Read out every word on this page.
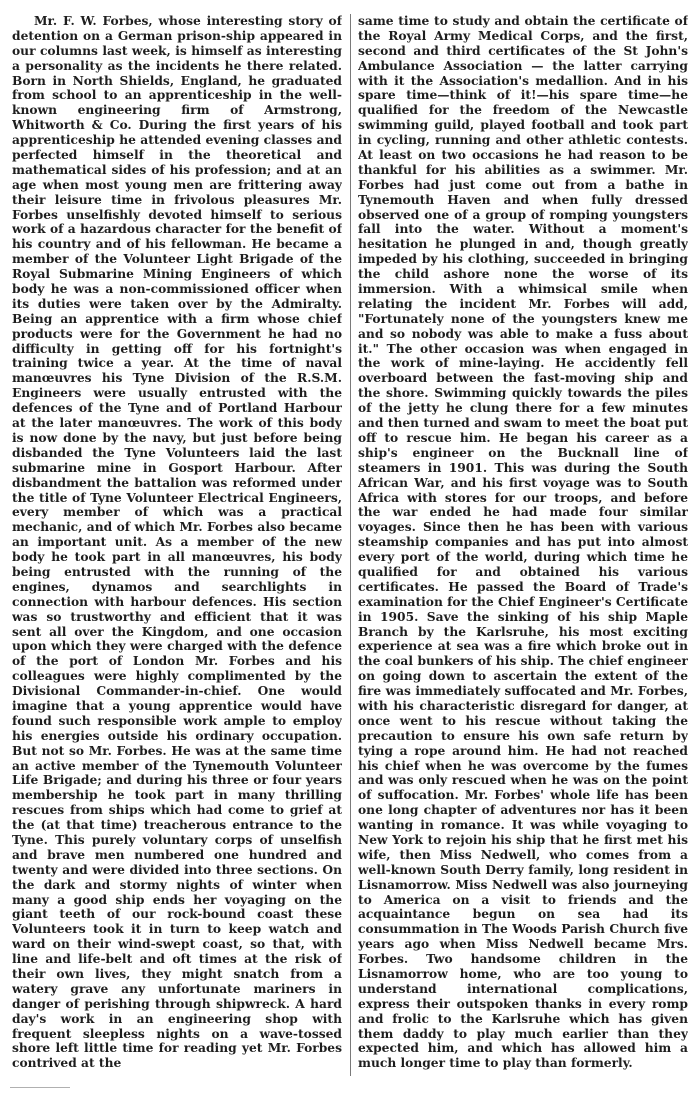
Mr. F. W. Forbes, whose interesting story of detention on a German prison-ship appeared in our columns last week, is himself as interesting a personality as the incidents he there related. Born in North Shields, England, he graduated from school to an apprenticeship in the well-known engineering firm of Armstrong, Whitworth & Co. During the first years of his apprenticeship he attended evening classes and perfected himself in the theoretical and mathematical sides of his profession; and at an age when most young men are frittering away their leisure time in frivolous pleasures Mr. Forbes unselfishly devoted himself to serious work of a hazardous character for the benefit of his country and of his fellowman. He became a member of the Volunteer Light Brigade of the Royal Submarine Mining Engineers of which body he was a non-commissioned officer when its duties were taken over by the Admiralty. Being an apprentice with a firm whose chief products were for the Government he had no difficulty in getting off for his fortnight's training twice a year. At the time of naval manœuvres his Tyne Division of the R.S.M. Engineers were usually entrusted with the defences of the Tyne and of Portland Harbour at the later manœuvres. The work of this body is now done by the navy, but just before being disbanded the Tyne Volunteers laid the last submarine mine in Gosport Harbour. After disbandment the battalion was reformed under the title of Tyne Volunteer Electrical Engineers, every member of which was a practical mechanic, and of which Mr. Forbes also became an important unit. As a member of the new body he took part in all manœuvres, his body being entrusted with the running of the engines, dynamos and searchlights in connection with harbour defences. His section was so trustworthy and efficient that it was sent all over the Kingdom, and one occasion upon which they were charged with the defence of the port of London Mr. Forbes and his colleagues were highly complimented by the Divisional Commander-in-chief. One would imagine that a young apprentice would have found such responsible work ample to employ his energies outside his ordinary occupation. But not so Mr. Forbes. He was at the same time an active member of the Tynemouth Volunteer Life Brigade; and during his three or four years membership he took part in many thrilling rescues from ships which had come to grief at the (at that time) treacherous entrance to the Tyne. This purely voluntary corps of unselfish and brave men numbered one hundred and twenty and were divided into three sections. On the dark and stormy nights of winter when many a good ship ends her voyaging on the giant teeth of our rock-bound coast these Volunteers took it in turn to keep watch and ward on their wind-swept coast, so that, with line and life-belt and oft times at the risk of their own lives, they might snatch from a watery grave any unfortunate mariners in danger of perishing through shipwreck. A hard day's work in an engineering shop with frequent sleepless nights on a wave-tossed shore left little time for reading yet Mr. Forbes contrived at the

same time to study and obtain the certificate of the Royal Army Medical Corps, and the first, second and third certificates of the St John's Ambulance Association — the latter carrying with it the Association's medallion. And in his spare time—think of it!—his spare time—he qualified for the freedom of the Newcastle swimming guild, played football and took part in cycling, running and other athletic contests. At least on two occasions he had reason to be thankful for his abilities as a swimmer. Mr. Forbes had just come out from a bathe in Tynemouth Haven and when fully dressed observed one of a group of romping youngsters fall into the water. Without a moment's hesitation he plunged in and, though greatly impeded by his clothing, succeeded in bringing the child ashore none the worse of its immersion. With a whimsical smile when relating the incident Mr. Forbes will add, "Fortunately none of the youngsters knew me and so nobody was able to make a fuss about it." The other occasion was when engaged in the work of mine-laying. He accidently fell overboard between the fast-moving ship and the shore. Swimming quickly towards the piles of the jetty he clung there for a few minutes and then turned and swam to meet the boat put off to rescue him. He began his career as a ship's engineer on the Bucknall line of steamers in 1901. This was during the South African War, and his first voyage was to South Africa with stores for our troops, and before the war ended he had made four similar voyages. Since then he has been with various steamship companies and has put into almost every port of the world, during which time he qualified for and obtained his various certificates. He passed the Board of Trade's examination for the Chief Engineer's Certificate in 1905. Save the sinking of his ship Maple Branch by the Karlsruhe, his most exciting experience at sea was a fire which broke out in the coal bunkers of his ship. The chief engineer on going down to ascertain the extent of the fire was immediately suffocated and Mr. Forbes, with his characteristic disregard for danger, at once went to his rescue without taking the precaution to ensure his own safe return by tying a rope around him. He had not reached his chief when he was overcome by the fumes and was only rescued when he was on the point of suffocation. Mr. Forbes' whole life has been one long chapter of adventures nor has it been wanting in romance. It was while voyaging to New York to rejoin his ship that he first met his wife, then Miss Nedwell, who comes from a well-known South Derry family, long resident in Lisnamorrow. Miss Nedwell was also journeying to America on a visit to friends and the acquaintance begun on sea had its consummation in The Woods Parish Church five years ago when Miss Nedwell became Mrs. Forbes. Two handsome children in the Lisnamorrow home, who are too young to understand international complications, express their outspoken thanks in every romp and frolic to the Karlsruhe which has given them daddy to play much earlier than they expected him, and which has allowed him a much longer time to play than formerly.
